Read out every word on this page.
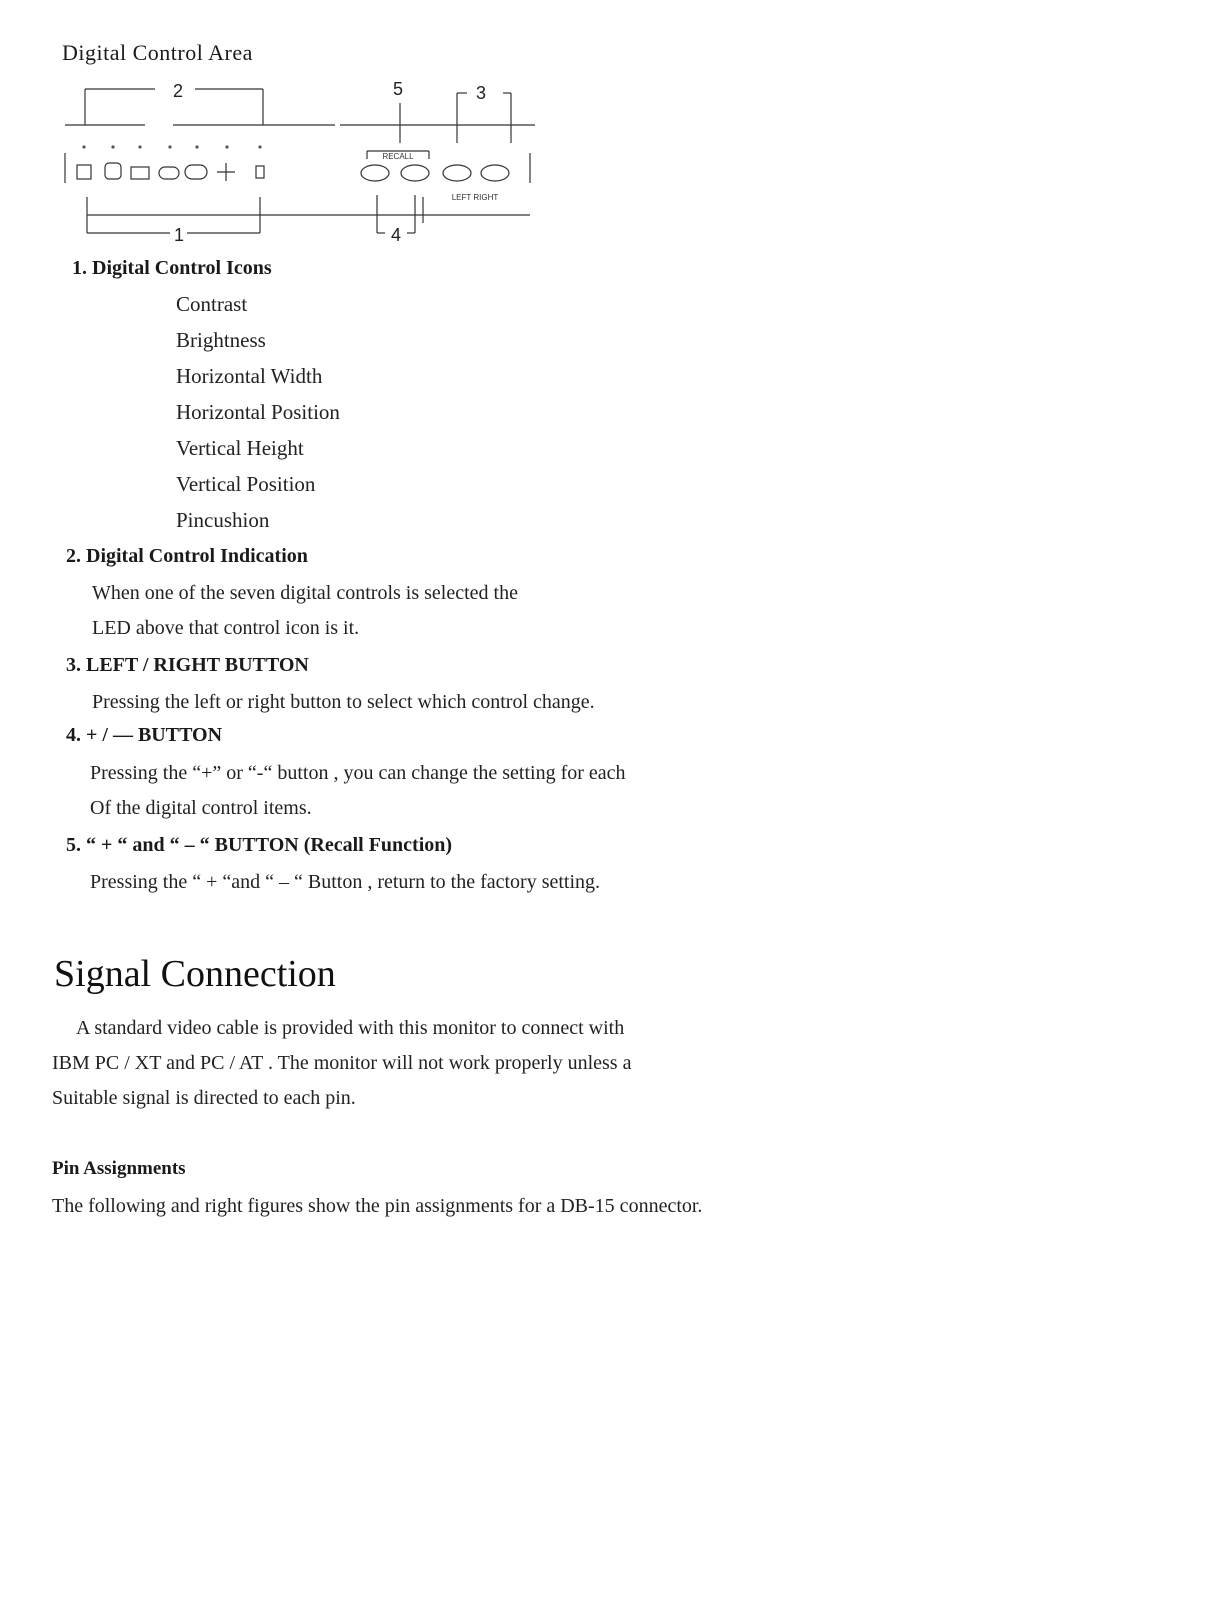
Digital Control Area
2	5	3
1	4
RECALL
LEFT RIGHT
1. Digital Control Icons
Contrast
Brightness
Horizontal Width
Horizontal Position
Vertical Height
Vertical Position
Pincushion
2. Digital Control Indication
When one of the seven digital controls is selected the
LED above that control icon is it.
3. LEFT / RIGHT BUTTON
Pressing the left or right button to select which control change.
4. + / — BUTTON
Pressing the “+” or “-“ button , you can change the setting for each
Of the digital control items.
5. “ + “ and “ – “ BUTTON (Recall Function)
Pressing the “ + “and “ – “ Button , return to the factory setting.
Signal Connection
A standard video cable is provided with this monitor to connect with
IBM PC / XT and PC / AT . The monitor will not work properly unless a
Suitable signal is directed to each pin.
Pin Assignments
The following and right figures show the pin assignments for a DB-15 connector.
